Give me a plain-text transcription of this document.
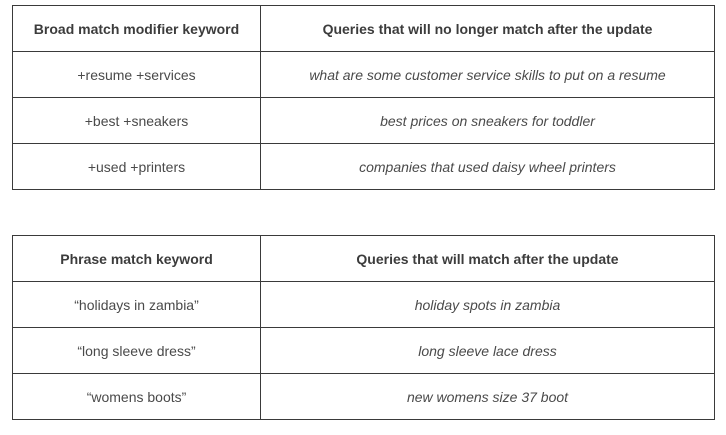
Broad match modifier keyword	Queries that will no longer match after the update
+resume +services	what are some customer service skills to put on a resume
+best +sneakers	best prices on sneakers for toddler
+used +printers	companies that used daisy wheel printers
Phrase match keyword	Queries that will match after the update
“holidays in zambia”	holiday spots in zambia
“long sleeve dress”	long sleeve lace dress
“womens boots”	new womens size 37 boot
